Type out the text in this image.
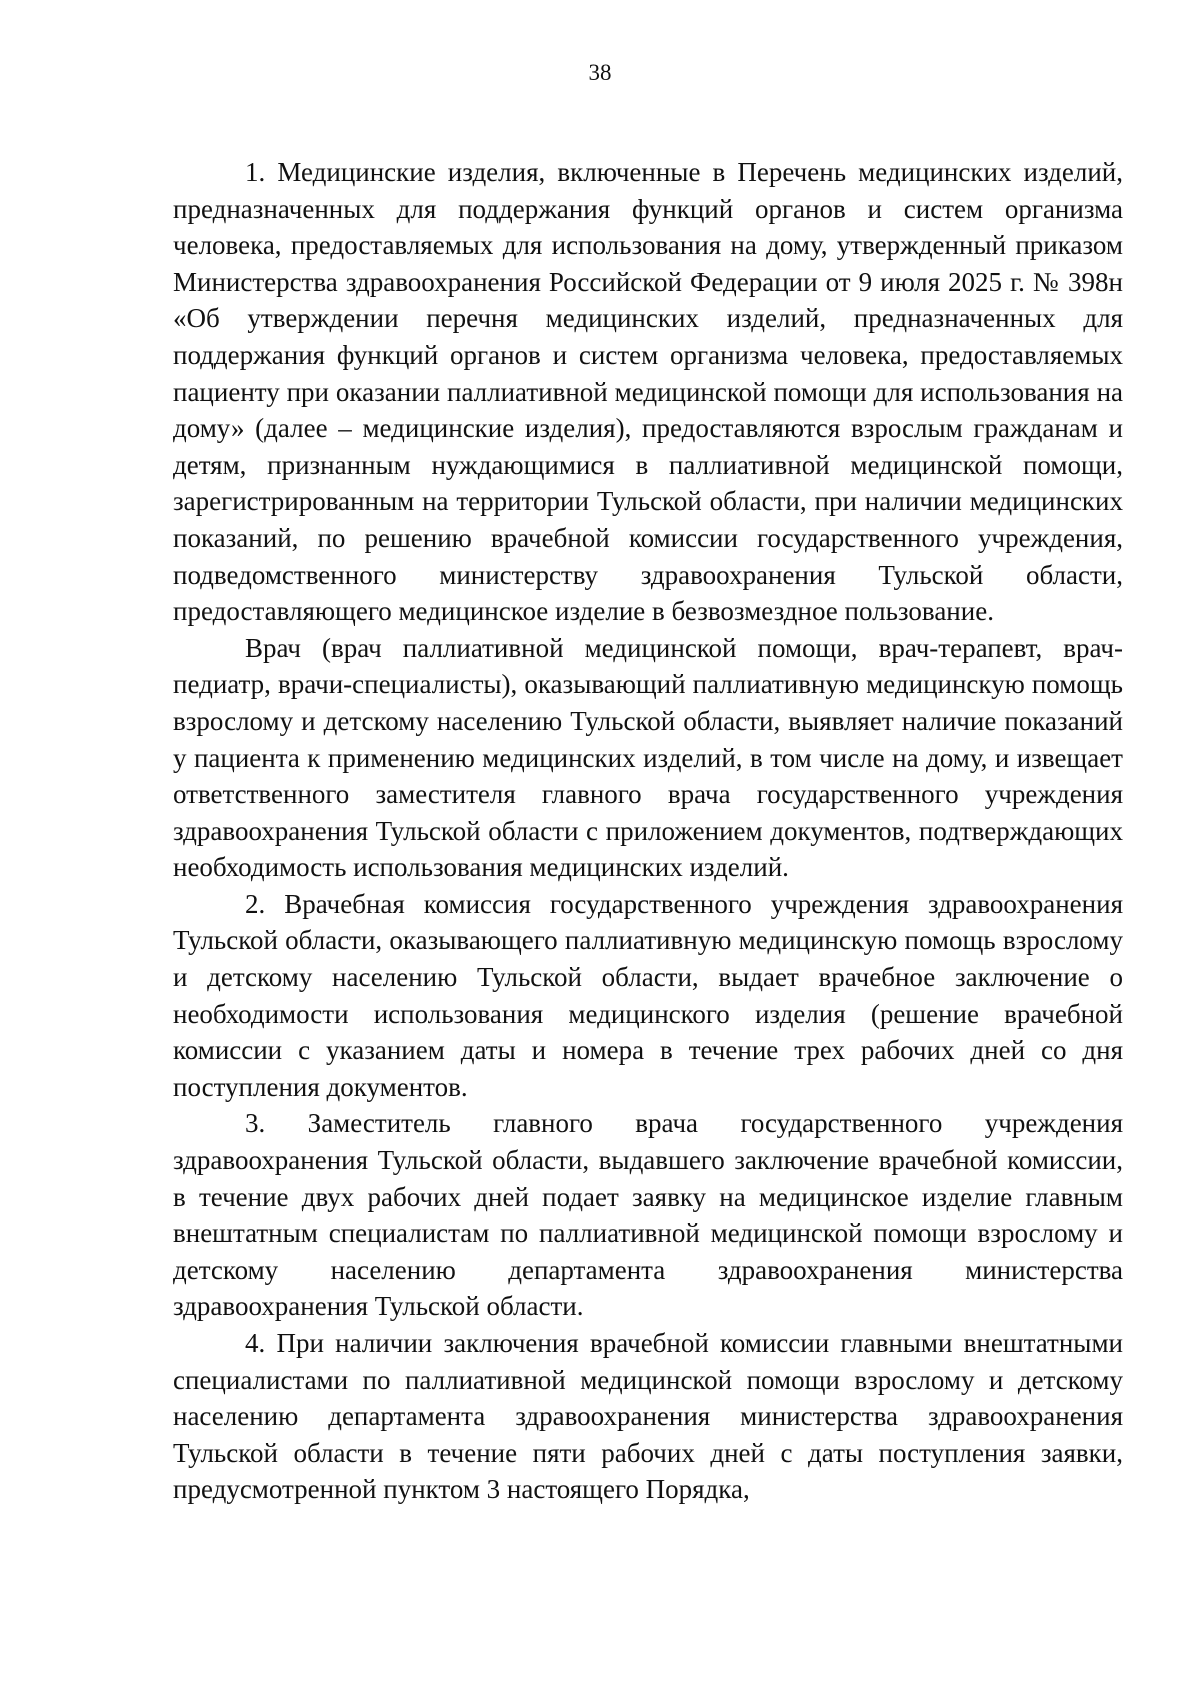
38

1. Медицинские изделия, включенные в Перечень медицинских изделий, предназначенных для поддержания функций органов и систем организма человека, предоставляемых для использования на дому, утвержденный приказом Министерства здравоохранения Российской Федерации от 9 июля 2025 г. № 398н «Об утверждении перечня медицинских изделий, предназначенных для поддержания функций органов и систем организма человека, предоставляемых пациенту при оказании паллиативной медицинской помощи для использования на дому» (далее – медицинские изделия), предоставляются взрослым гражданам и детям, признанным нуждающимися в паллиативной медицинской помощи, зарегистрированным на территории Тульской области, при наличии медицинских показаний, по решению врачебной комиссии государственного учреждения, подведомственного министерству здравоохранения Тульской области, предоставляющего медицинское изделие в безвозмездное пользование.

Врач (врач паллиативной медицинской помощи, врач-терапевт, врач-педиатр, врачи-специалисты), оказывающий паллиативную медицинскую помощь взрослому и детскому населению Тульской области, выявляет наличие показаний у пациента к применению медицинских изделий, в том числе на дому, и извещает ответственного заместителя главного врача государственного учреждения здравоохранения Тульской области с приложением документов, подтверждающих необходимость использования медицинских изделий.

2. Врачебная комиссия государственного учреждения здравоохранения Тульской области, оказывающего паллиативную медицинскую помощь взрослому и детскому населению Тульской области, выдает врачебное заключение о необходимости использования медицинского изделия (решение врачебной комиссии с указанием даты и номера в течение трех рабочих дней со дня поступления документов.

3. Заместитель главного врача государственного учреждения здравоохранения Тульской области, выдавшего заключение врачебной комиссии, в течение двух рабочих дней подает заявку на медицинское изделие главным внештатным специалистам по паллиативной медицинской помощи взрослому и детскому населению департамента здравоохранения министерства здравоохранения Тульской области.

4. При наличии заключения врачебной комиссии главными внештатными специалистами по паллиативной медицинской помощи взрослому и детскому населению департамента здравоохранения министерства здравоохранения Тульской области в течение пяти рабочих дней с даты поступления заявки, предусмотренной пунктом 3 настоящего Порядка,
